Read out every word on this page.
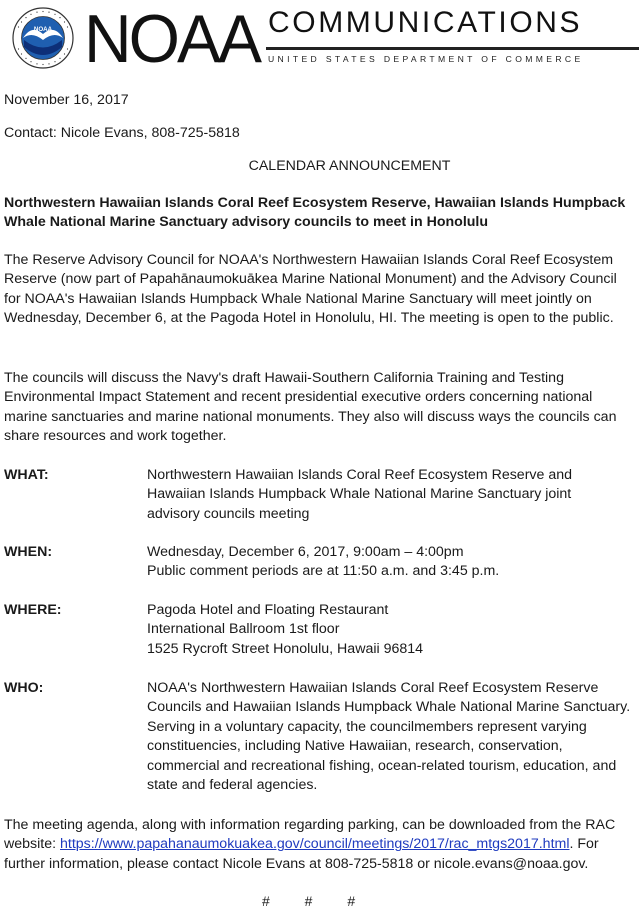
NOAA NOAA COMMUNICATIONS
UNITED STATES DEPARTMENT OF COMMERCE
November 16, 2017
Contact: Nicole Evans, 808-725-5818
CALENDAR ANNOUNCEMENT
Northwestern Hawaiian Islands Coral Reef Ecosystem Reserve, Hawaiian Islands Humpback Whale National Marine Sanctuary advisory councils to meet in Honolulu
The Reserve Advisory Council for NOAA's Northwestern Hawaiian Islands Coral Reef Ecosystem Reserve (now part of Papahānaumokuākea Marine National Monument) and the Advisory Council for NOAA's Hawaiian Islands Humpback Whale National Marine Sanctuary will meet jointly on Wednesday, December 6, at the Pagoda Hotel in Honolulu, HI. The meeting is open to the public.
The councils will discuss the Navy's draft Hawaii-Southern California Training and Testing Environmental Impact Statement and recent presidential executive orders concerning national marine sanctuaries and marine national monuments. They also will discuss ways the councils can share resources and work together.
WHAT:	Northwestern Hawaiian Islands Coral Reef Ecosystem Reserve and Hawaiian Islands Humpback Whale National Marine Sanctuary joint advisory councils meeting
WHEN:	Wednesday, December 6, 2017, 9:00am – 4:00pm
Public comment periods are at 11:50 a.m. and 3:45 p.m.
WHERE:	Pagoda Hotel and Floating Restaurant
International Ballroom 1st floor
1525 Rycroft Street Honolulu, Hawaii 96814
WHO:	NOAA's Northwestern Hawaiian Islands Coral Reef Ecosystem Reserve Councils and Hawaiian Islands Humpback Whale National Marine Sanctuary. Serving in a voluntary capacity, the councilmembers represent varying constituencies, including Native Hawaiian, research, conservation, commercial and recreational fishing, ocean-related tourism, education, and state and federal agencies.
The meeting agenda, along with information regarding parking, can be downloaded from the RAC website: https://www.papahanaumokuakea.gov/council/meetings/2017/rac_mtgs2017.html. For further information, please contact Nicole Evans at 808-725-5818 or nicole.evans@noaa.gov.
# # #
